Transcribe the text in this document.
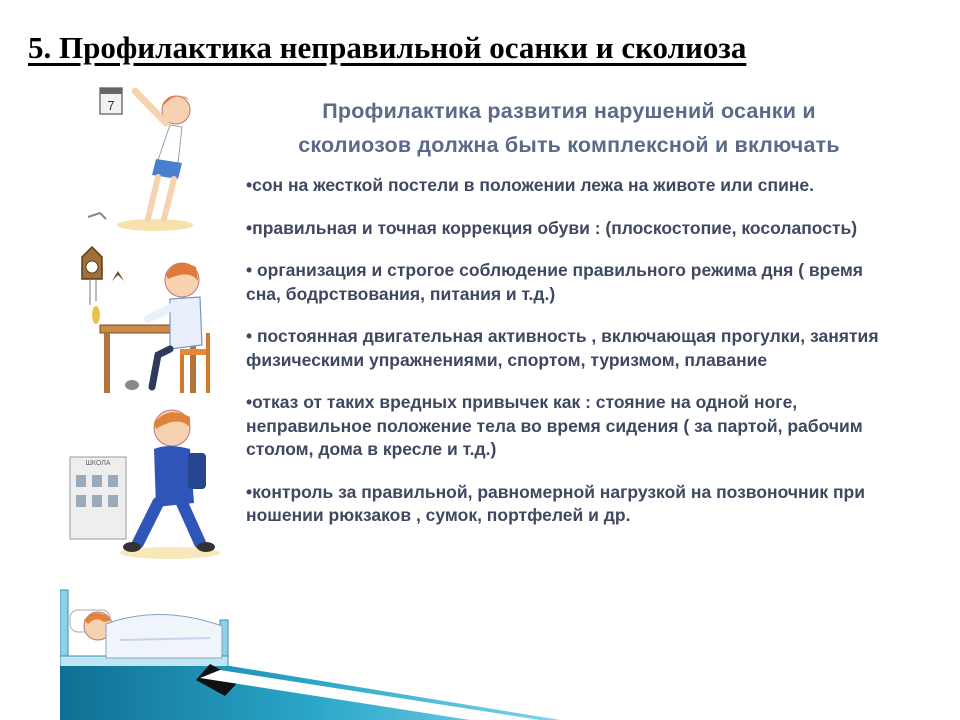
5. Профилактика неправильной осанки и сколиоза
7
ШКОЛА

Профилактика развития нарушений осанки и
сколиозов должна быть комплексной и включать

•сон на жесткой постели в положении лежа на животе или спине.
•правильная и точная коррекция обуви : (плоскостопие, косолапость)
• организация и строгое соблюдение правильного режима дня ( время сна, бодрствования, питания и т.д.)
• постоянная двигательная активность , включающая прогулки, занятия физическими упражнениями, спортом, туризмом, плавание
•отказ от таких вредных привычек как : стояние на одной ноге, неправильное положение тела во время сидения ( за партой, рабочим столом, дома в кресле и т.д.)
•контроль за правильной, равномерной нагрузкой на позвоночник при ношении рюкзаков , сумок, портфелей и др.
